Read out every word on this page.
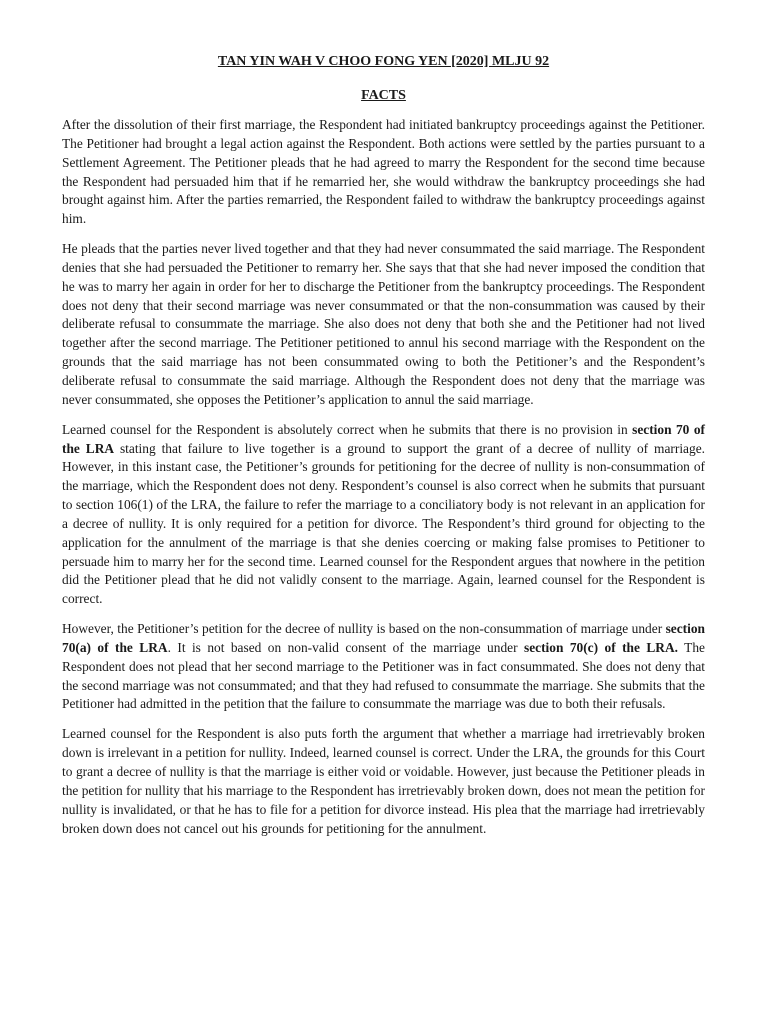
TAN YIN WAH V CHOO FONG YEN [2020] MLJU 92
FACTS

After the dissolution of their first marriage, the Respondent had initiated bankruptcy proceedings against the Petitioner. The Petitioner had brought a legal action against the Respondent. Both actions were settled by the parties pursuant to a Settlement Agreement. The Petitioner pleads that he had agreed to marry the Respondent for the second time because the Respondent had persuaded him that if he remarried her, she would withdraw the bankruptcy proceedings she had brought against him. After the parties remarried, the Respondent failed to withdraw the bankruptcy proceedings against him.

He pleads that the parties never lived together and that they had never consummated the said marriage. The Respondent denies that she had persuaded the Petitioner to remarry her. She says that that she had never imposed the condition that he was to marry her again in order for her to discharge the Petitioner from the bankruptcy proceedings. The Respondent does not deny that their second marriage was never consummated or that the non-consummation was caused by their deliberate refusal to consummate the marriage. She also does not deny that both she and the Petitioner had not lived together after the second marriage. The Petitioner petitioned to annul his second marriage with the Respondent on the grounds that the said marriage has not been consummated owing to both the Petitioner’s and the Respondent’s deliberate refusal to consummate the said marriage. Although the Respondent does not deny that the marriage was never consummated, she opposes the Petitioner’s application to annul the said marriage.

Learned counsel for the Respondent is absolutely correct when he submits that there is no provision in section 70 of the LRA stating that failure to live together is a ground to support the grant of a decree of nullity of marriage. However, in this instant case, the Petitioner’s grounds for petitioning for the decree of nullity is non-consummation of the marriage, which the Respondent does not deny. Respondent’s counsel is also correct when he submits that pursuant to section 106(1) of the LRA, the failure to refer the marriage to a conciliatory body is not relevant in an application for a decree of nullity. It is only required for a petition for divorce. The Respondent’s third ground for objecting to the application for the annulment of the marriage is that she denies coercing or making false promises to Petitioner to persuade him to marry her for the second time. Learned counsel for the Respondent argues that nowhere in the petition did the Petitioner plead that he did not validly consent to the marriage. Again, learned counsel for the Respondent is correct.

However, the Petitioner’s petition for the decree of nullity is based on the non-consummation of marriage under section 70(a) of the LRA. It is not based on non-valid consent of the marriage under section 70(c) of the LRA. The Respondent does not plead that her second marriage to the Petitioner was in fact consummated. She does not deny that the second marriage was not consummated; and that they had refused to consummate the marriage. She submits that the Petitioner had admitted in the petition that the failure to consummate the marriage was due to both their refusals.

Learned counsel for the Respondent is also puts forth the argument that whether a marriage had irretrievably broken down is irrelevant in a petition for nullity. Indeed, learned counsel is correct. Under the LRA, the grounds for this Court to grant a decree of nullity is that the marriage is either void or voidable. However, just because the Petitioner pleads in the petition for nullity that his marriage to the Respondent has irretrievably broken down, does not mean the petition for nullity is invalidated, or that he has to file for a petition for divorce instead. His plea that the marriage had irretrievably broken down does not cancel out his grounds for petitioning for the annulment.
